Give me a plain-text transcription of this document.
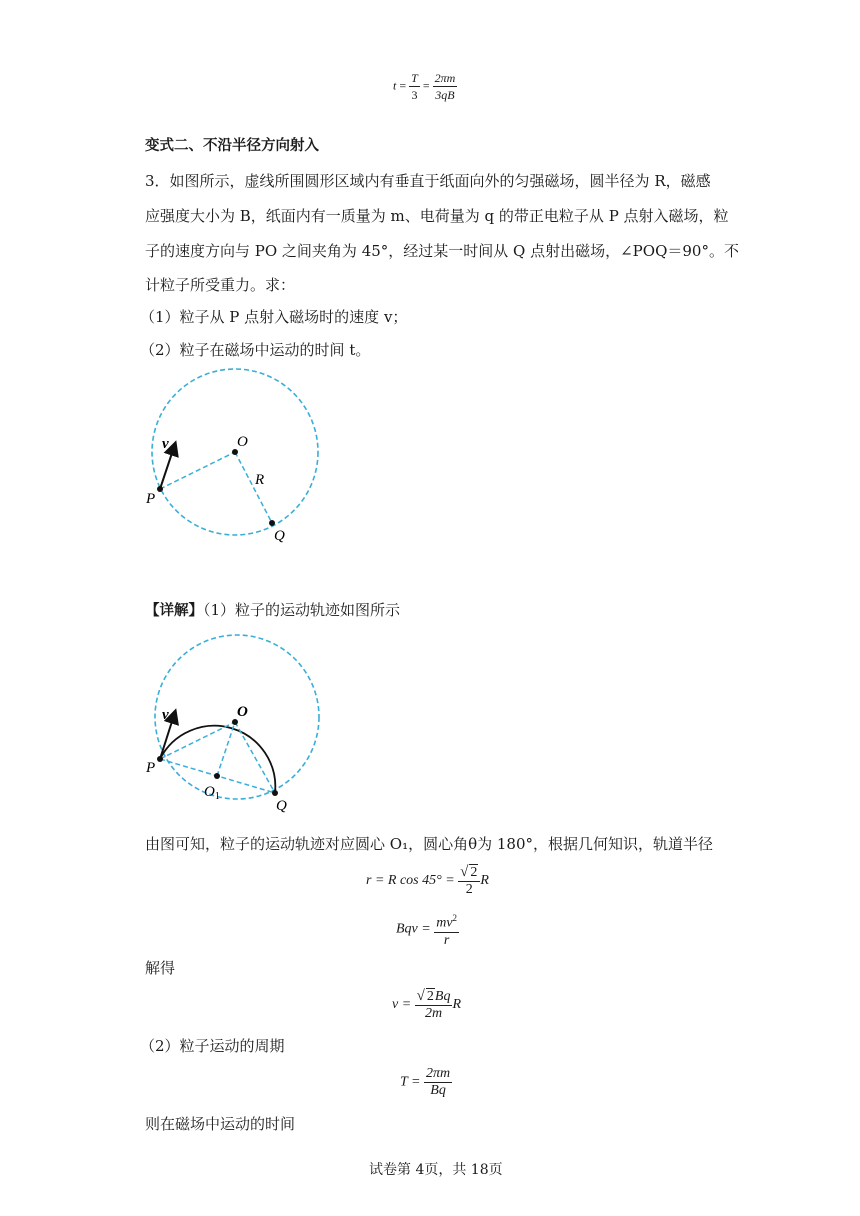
$t = \frac{T}{3} = \frac{2\pi m}{3qB}$
变式二、不沿半径方向射入
3．如图所示，虚线所围圆形区域内有垂直于纸面向外的匀强磁场，圆半径为 R，磁感
应强度大小为 B，纸面内有一质量为 m、电荷量为 q 的带正电粒子从 P 点射入磁场，粒
子的速度方向与 PO 之间夹角为 45°，经过某一时间从 Q 点射出磁场，∠POQ＝90°。不
计粒子所受重力。求：
（1）粒子从 P 点射入磁场时的速度 v；
（2）粒子在磁场中运动的时间 t。
v	O
R
P
Q
【详解】（1）粒子的运动轨迹如图所示
v	O
P
Q
$O_1$
由图可知，粒子的运动轨迹对应圆心 O₁，圆心角θ为 180°，根据几何知识，轨道半径
r = R $\cos 45^\circ = \frac{√ 2}{2}$ R
Bqv = $\frac{mv^2}{r}$
解得
$v = \frac{√ 2Bq}{2m}$ R
（2）粒子运动的周期
$T = \frac{2\pi m}{Bq}$
则在磁场中运动的时间
试卷第 4页，共 18页
